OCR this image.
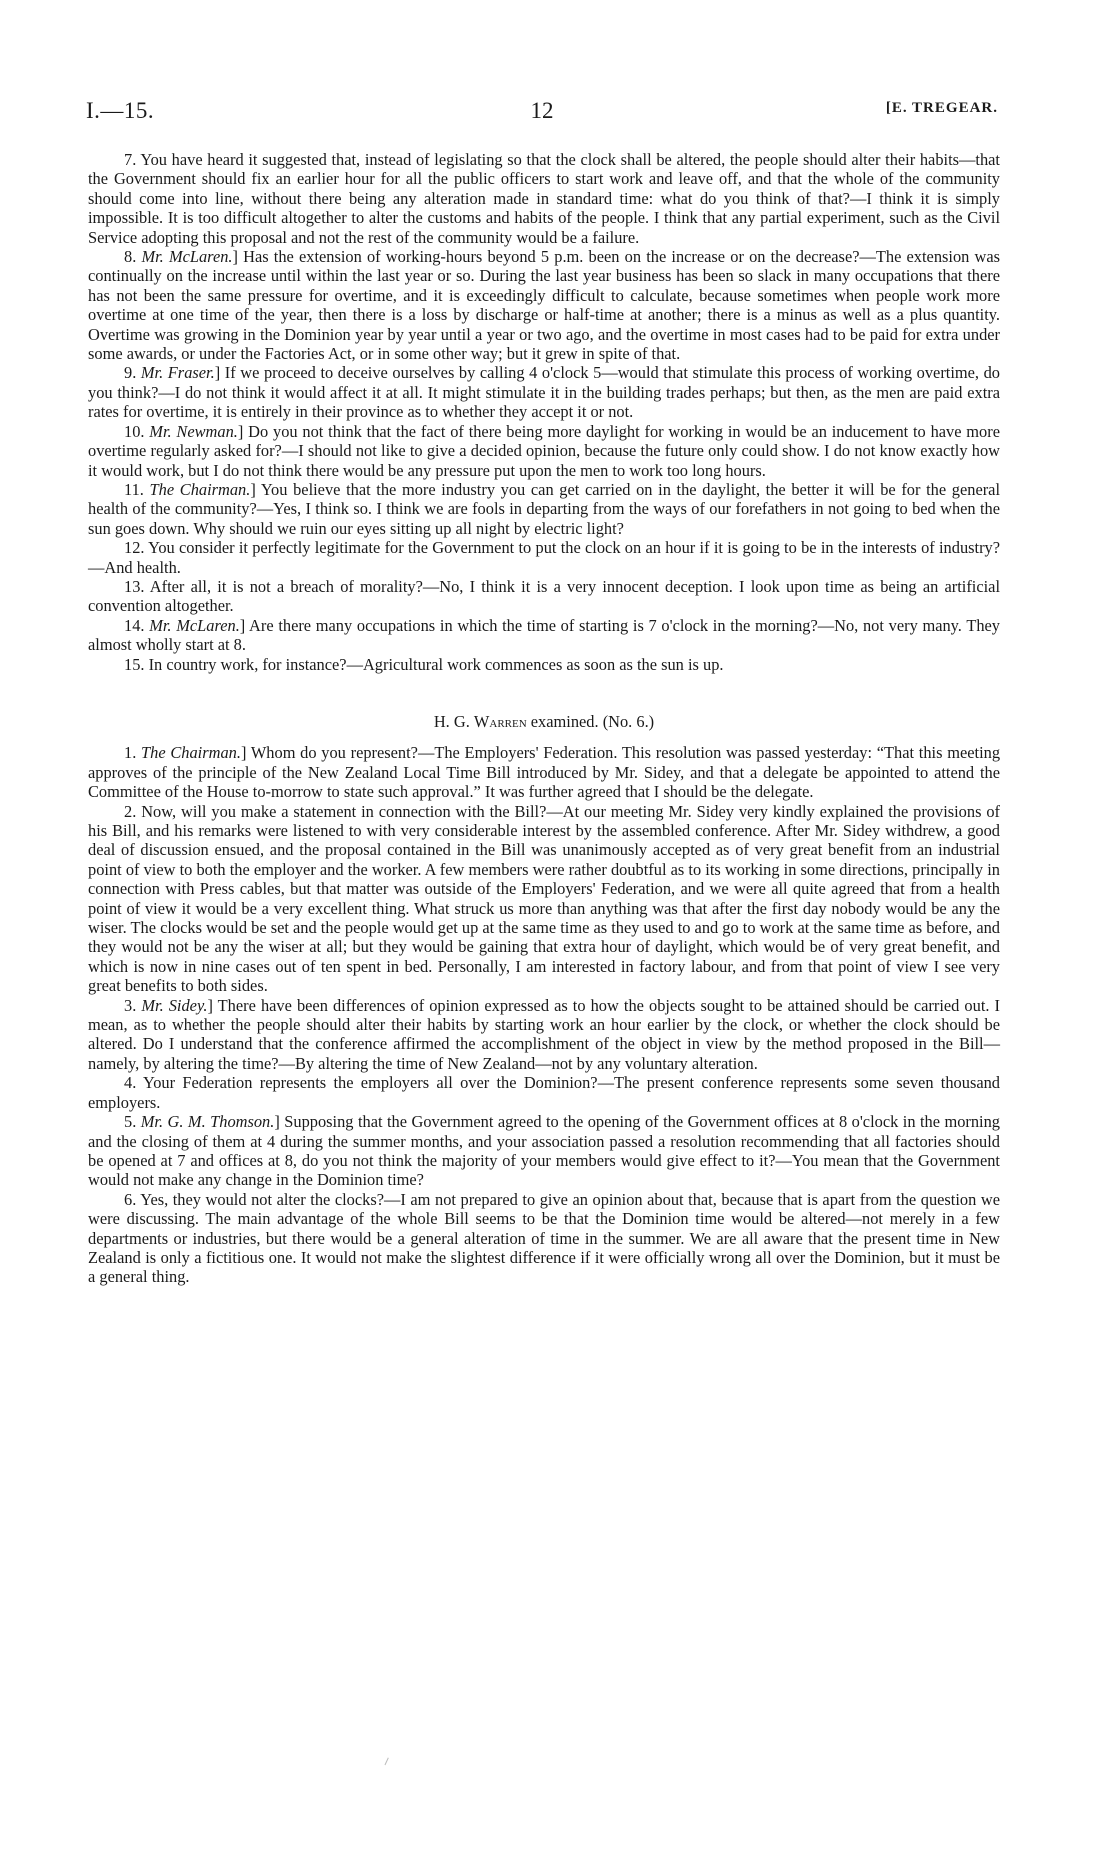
I.—15.	12	[E. TREGEAR.

7. You have heard it suggested that, instead of legislating so that the clock shall be altered, the people should alter their habits—that the Government should fix an earlier hour for all the public officers to start work and leave off, and that the whole of the community should come into line, without there being any alteration made in standard time: what do you think of that?—I think it is simply impossible. It is too difficult altogether to alter the customs and habits of the people. I think that any partial experiment, such as the Civil Service adopting this proposal and not the rest of the community would be a failure.

8. Mr. McLaren.] Has the extension of working-hours beyond 5 p.m. been on the increase or on the decrease?—The extension was continually on the increase until within the last year or so. During the last year business has been so slack in many occupations that there has not been the same pressure for overtime, and it is exceedingly difficult to calculate, because sometimes when people work more overtime at one time of the year, then there is a loss by discharge or half-time at another; there is a minus as well as a plus quantity. Overtime was growing in the Dominion year by year until a year or two ago, and the overtime in most cases had to be paid for extra under some awards, or under the Factories Act, or in some other way; but it grew in spite of that.

9. Mr. Fraser.] If we proceed to deceive ourselves by calling 4 o'clock 5—would that stimulate this process of working overtime, do you think?—I do not think it would affect it at all. It might stimulate it in the building trades perhaps; but then, as the men are paid extra rates for overtime, it is entirely in their province as to whether they accept it or not.

10. Mr. Newman.] Do you not think that the fact of there being more daylight for working in would be an inducement to have more overtime regularly asked for?—I should not like to give a decided opinion, because the future only could show. I do not know exactly how it would work, but I do not think there would be any pressure put upon the men to work too long hours.

11. The Chairman.] You believe that the more industry you can get carried on in the daylight, the better it will be for the general health of the community?—Yes, I think so. I think we are fools in departing from the ways of our forefathers in not going to bed when the sun goes down. Why should we ruin our eyes sitting up all night by electric light?

12. You consider it perfectly legitimate for the Government to put the clock on an hour if it is going to be in the interests of industry?—And health.

13. After all, it is not a breach of morality?—No, I think it is a very innocent deception. I look upon time as being an artificial convention altogether.

14. Mr. McLaren.] Are there many occupations in which the time of starting is 7 o'clock in the morning?—No, not very many. They almost wholly start at 8.

15. In country work, for instance?—Agricultural work commences as soon as the sun is up.

H. G. Warren examined. (No. 6.)

1. The Chairman.] Whom do you represent?—The Employers' Federation. This resolution was passed yesterday: “That this meeting approves of the principle of the New Zealand Local Time Bill introduced by Mr. Sidey, and that a delegate be appointed to attend the Committee of the House to-morrow to state such approval.” It was further agreed that I should be the delegate.

2. Now, will you make a statement in connection with the Bill?—At our meeting Mr. Sidey very kindly explained the provisions of his Bill, and his remarks were listened to with very considerable interest by the assembled conference. After Mr. Sidey withdrew, a good deal of discussion ensued, and the proposal contained in the Bill was unanimously accepted as of very great benefit from an industrial point of view to both the employer and the worker. A few members were rather doubtful as to its working in some directions, principally in connection with Press cables, but that matter was outside of the Employers' Federation, and we were all quite agreed that from a health point of view it would be a very excellent thing. What struck us more than anything was that after the first day nobody would be any the wiser. The clocks would be set and the people would get up at the same time as they used to and go to work at the same time as before, and they would not be any the wiser at all; but they would be gaining that extra hour of daylight, which would be of very great benefit, and which is now in nine cases out of ten spent in bed. Personally, I am interested in factory labour, and from that point of view I see very great benefits to both sides.

3. Mr. Sidey.] There have been differences of opinion expressed as to how the objects sought to be attained should be carried out. I mean, as to whether the people should alter their habits by starting work an hour earlier by the clock, or whether the clock should be altered. Do I understand that the conference affirmed the accomplishment of the object in view by the method proposed in the Bill—namely, by altering the time?—By altering the time of New Zealand—not by any voluntary alteration.

4. Your Federation represents the employers all over the Dominion?—The present conference represents some seven thousand employers.

5. Mr. G. M. Thomson.] Supposing that the Government agreed to the opening of the Government offices at 8 o'clock in the morning and the closing of them at 4 during the summer months, and your association passed a resolution recommending that all factories should be opened at 7 and offices at 8, do you not think the majority of your members would give effect to it?—You mean that the Government would not make any change in the Dominion time?

6. Yes, they would not alter the clocks?—I am not prepared to give an opinion about that, because that is apart from the question we were discussing. The main advantage of the whole Bill seems to be that the Dominion time would be altered—not merely in a few departments or industries, but there would be a general alteration of time in the summer. We are all aware that the present time in New Zealand is only a fictitious one. It would not make the slightest difference if it were officially wrong all over the Dominion, but it must be a general thing.
